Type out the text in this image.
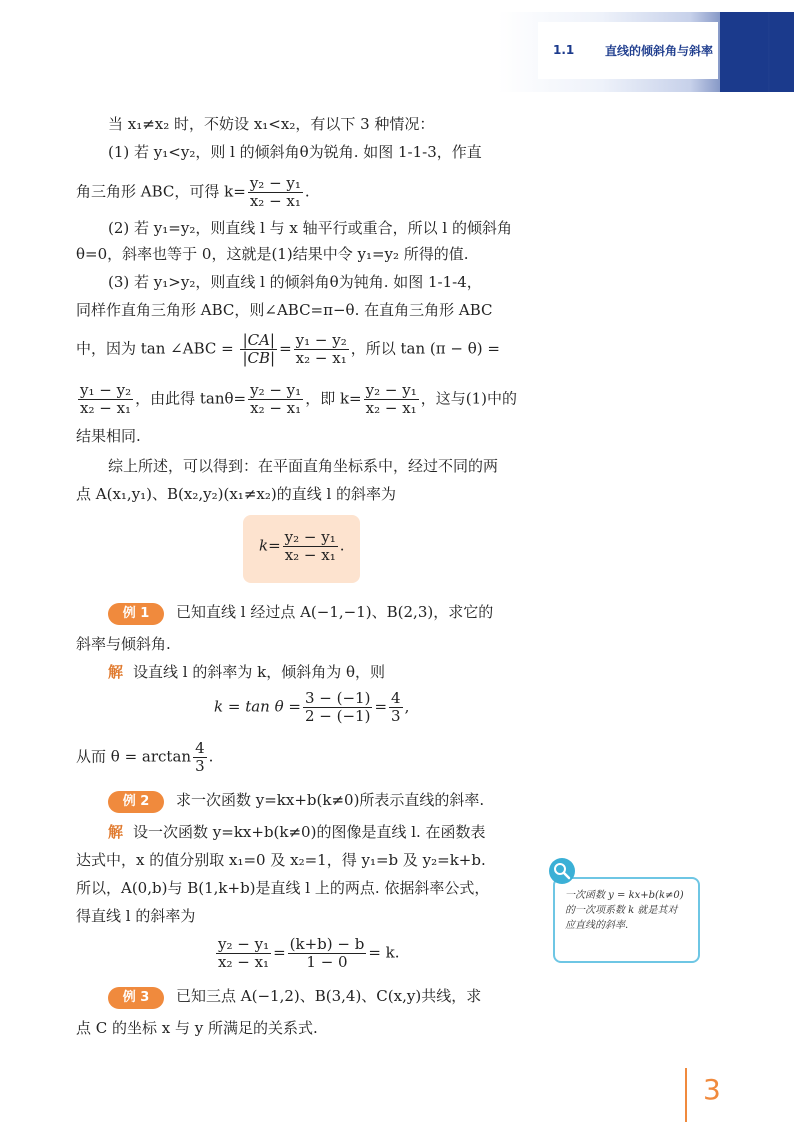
1.1	直线的倾斜角与斜率
当 x₁≠x₂ 时，不妨设 x₁<x₂，有以下 3 种情况：
(1) 若 y₁<y₂，则 l 的倾斜角θ为锐角. 如图 1-1-3，作直
角三角形 ABC，可得 $k= \frac{\text{y₂ − y₁}}{\text{x₂ − x₁}}$ .
(2) 若 y₁=y₂，则直线 l 与 x 轴平行或重合，所以 l 的倾斜角
θ=0，斜率也等于 0，这就是(1)结果中令 y₁=y₂ 所得的值.
(3) 若 y₁>y₂，则直线 l 的倾斜角θ为钝角. 如图 1-1-4，
同样作直角三角形 ABC，则∠ABC=π−θ. 在直角三角形 ABC
中，因为 tan ∠ABC = $\frac{|CA|}{|CB|} = \frac{\text{y₁ − y₂}}{\text{x₂ − x₁}}$ ，所以 tan (π − θ) =
$\frac{\text{y₁ − y₂}}{\text{x₂ − x₁}}$ ，由此得 $\tan\theta= \frac{\text{y₂ − y₁}}{\text{x₂ − x₁}}$ ，即 $k= \frac{\text{y₂ − y₁}}{\text{x₂ − x₁}}$ ，这与(1)中的
结果相同.
综上所述，可以得到：在平面直角坐标系中，经过不同的两
点 A(x₁,y₁)、B(x₂,y₂)(x₁≠x₂)的直线 l 的斜率为
$k= \frac{\text{y₂ − y₁}}{\text{x₂ − x₁}}$ .
例 1 已知直线 l 经过点 A(−1,−1)、B(2,3)，求它的
斜率与倾斜角.
解 设直线 l 的斜率为 k，倾斜角为 θ，则
$k = \tan \theta = \frac{3 - (-1)}{2 - (-1)} = \frac{4}{3}$ ,
从而 $\theta = \arctan \frac{4}{3}$ .
例 2 求一次函数 y=kx+b(k≠0)所表示直线的斜率.
解 设一次函数 y=kx+b(k≠0)的图像是直线 l. 在函数表
达式中，x 的值分别取 x₁=0 及 x₂=1，得 y₁=b 及 y₂=k+b.
所以，A(0,b)与 B(1,k+b)是直线 l 上的两点. 依据斜率公式，
得直线 l 的斜率为
$\frac{\text{y₂ − y₁}}{\text{x₂ − x₁}} = \frac{(k+b) - b}{1 - 0} = k$.
例 3 已知三点 A(−1,2)、B(3,4)、C(x,y)共线，求
点 C 的坐标 x 与 y 所满足的关系式.
一次函数 y = kx+b(k≠0)的一次项系数 k 就是其对应直线的斜率.
3
